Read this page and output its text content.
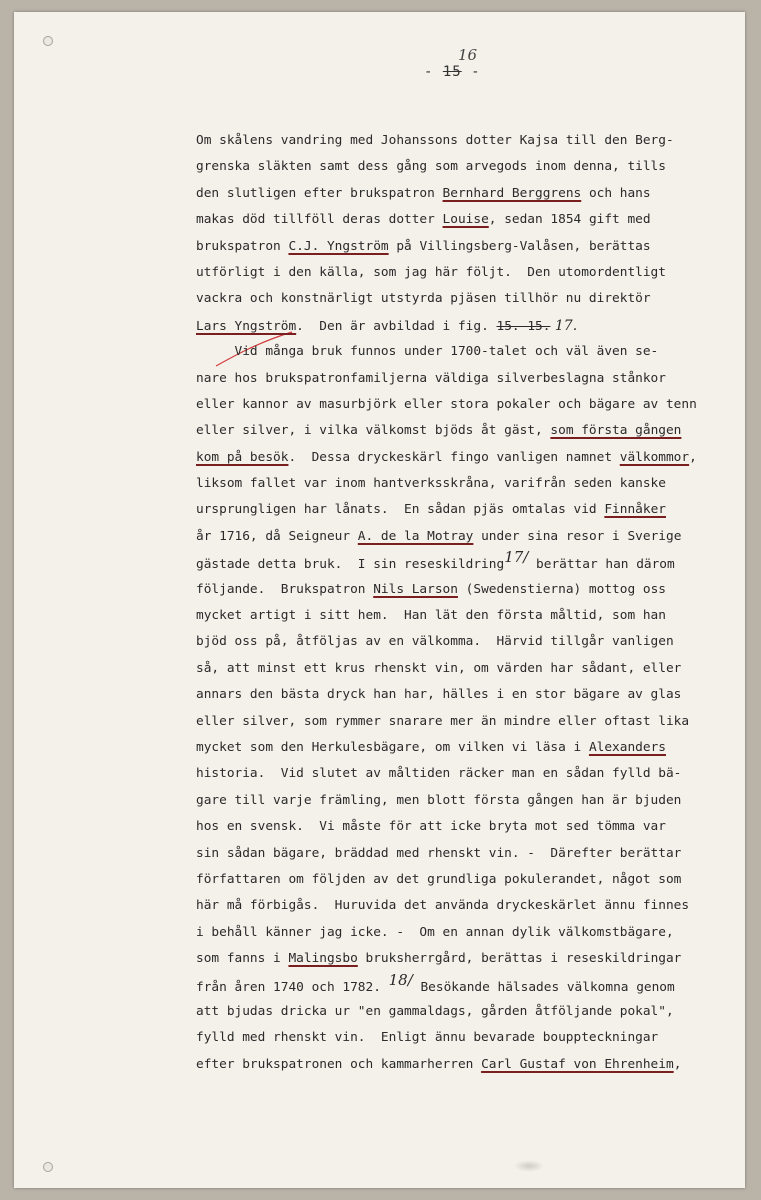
16
- 15 -
Om skålens vandring med Johanssons dotter Kajsa till den Berg-
grenska släkten samt dess gång som arvegods inom denna, tills
den slutligen efter brukspatron Bernhard Berggrens och hans
makas död tillföll deras dotter Louise, sedan 1854 gift med
brukspatron C.J. Yngström på Villingsberg-Valåsen, berättas
utförligt i den källa, som jag här följt.  Den utomordentligt
vackra och konstnärligt utstyrda pjäsen tillhör nu direktör
Lars Yngström.  Den är avbildad i fig. 15. 15. 17.
Vid många bruk funnos under 1700-talet och väl även se-
nare hos brukspatronfamiljerna väldiga silverbeslagna stånkor
eller kannor av masurbjörk eller stora pokaler och bägare av tenn
eller silver, i vilka välkomst bjöds åt gäst, som första gången
kom på besök.  Dessa dryckeskärl fingo vanligen namnet välkommor,
liksom fallet var inom hantverksskråna, varifrån seden kanske
ursprungligen har lånats.  En sådan pjäs omtalas vid Finnåker
år 1716, då Seigneur A. de la Motray under sina resor i Sverige
gästade detta bruk.  I sin reseskildring17/ berättar han därom
följande.  Brukspatron Nils Larson (Swedenstierna) mottog oss
mycket artigt i sitt hem.  Han lät den första måltid, som han
bjöd oss på, åtföljas av en välkomma.  Härvid tillgår vanligen
så, att minst ett krus rhenskt vin, om värden har sådant, eller
annars den bästa dryck han har, hälles i en stor bägare av glas
eller silver, som rymmer snarare mer än mindre eller oftast lika
mycket som den Herkulesbägare, om vilken vi läsa i Alexanders
historia.  Vid slutet av måltiden räcker man en sådan fylld bä-
gare till varje främling, men blott första gången han är bjuden
hos en svensk.  Vi måste för att icke bryta mot sed tömma var
sin sådan bägare, bräddad med rhenskt vin. -  Därefter berättar
författaren om följden av det grundliga pokulerandet, något som
här må förbigås.  Huruvida det använda dryckeskärlet ännu finnes
i behåll känner jag icke. -  Om en annan dylik välkomstbägare,
som fanns i Malingsbo bruksherrgård, berättas i reseskildringar
från åren 1740 och 1782. 18/ Besökande hälsades välkomna genom
att bjudas dricka ur "en gammaldags, gården åtföljande pokal",
fylld med rhenskt vin.  Enligt ännu bevarade bouppteckningar
efter brukspatronen och kammarherren Carl Gustaf von Ehrenheim,
